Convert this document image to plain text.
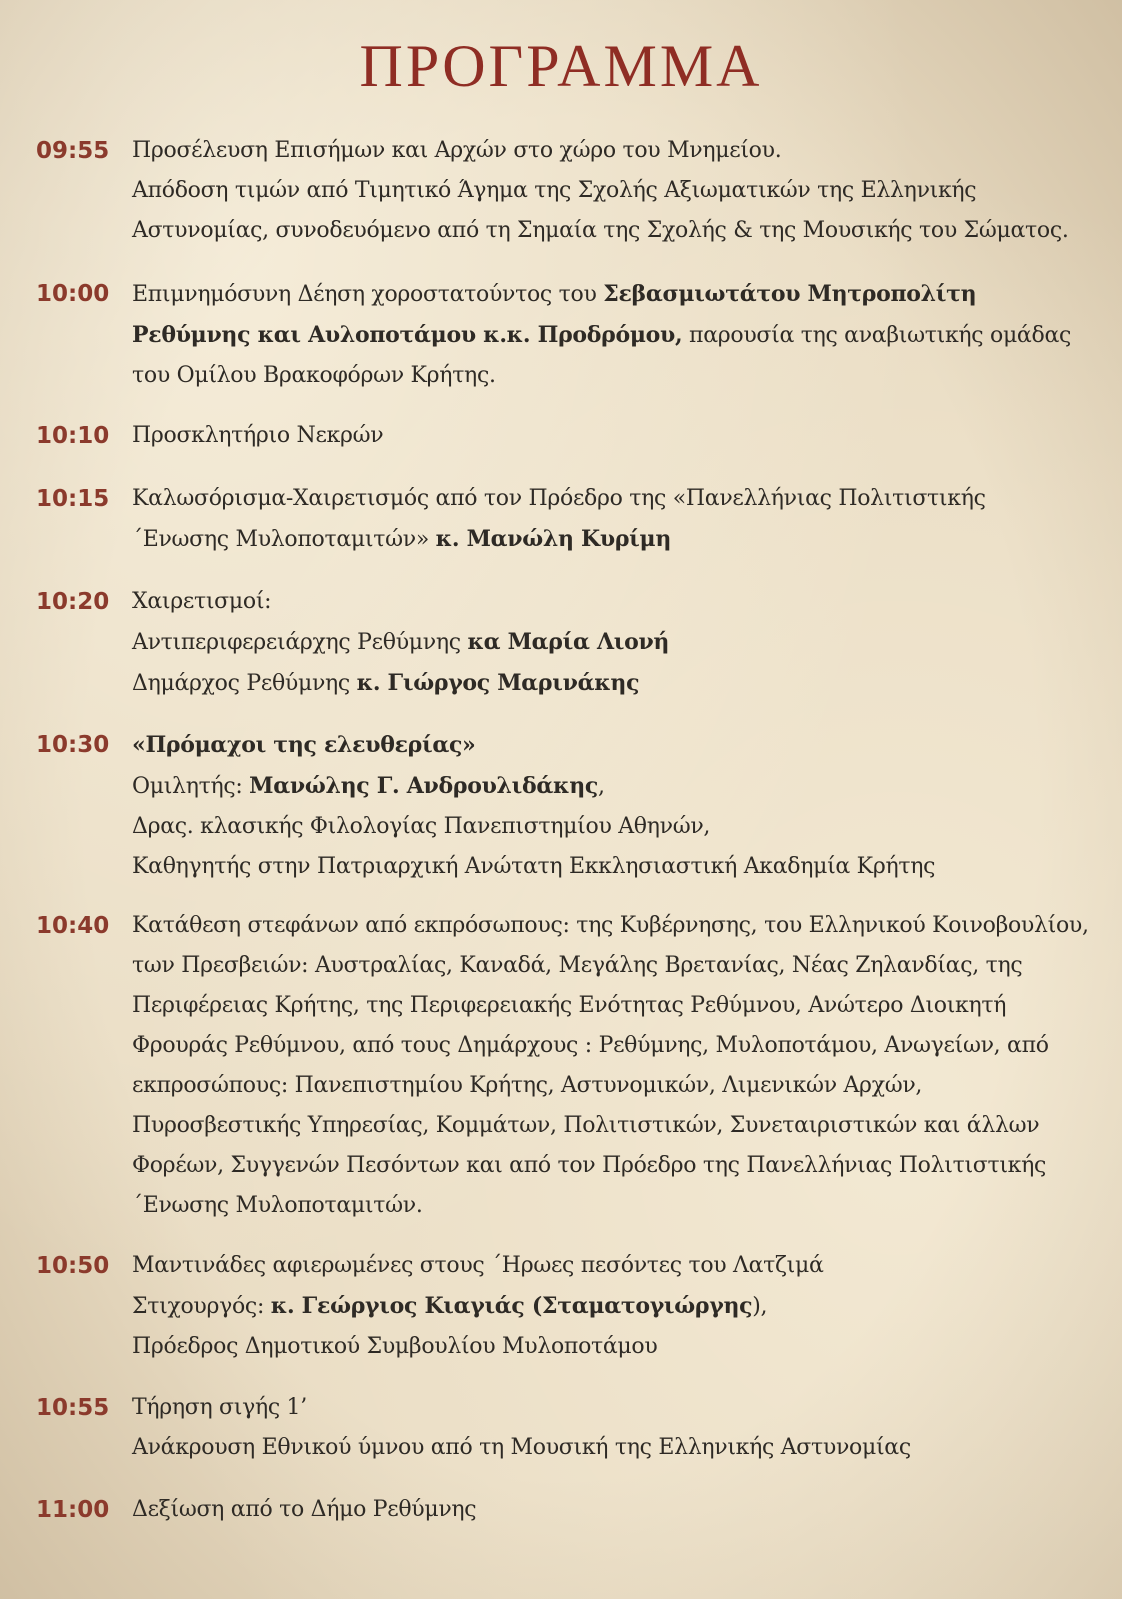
ΠΡΟΓΡΑΜΜΑ
09:55 Προσέλευση Επισήμων και Αρχών στο χώρο του Μνημείου.
Απόδοση τιμών από Τιμητικό Άγημα της Σχολής Αξιωματικών της Ελληνικής
Αστυνομίας, συνοδευόμενο από τη Σημαία της Σχολής & της Μουσικής του Σώματος.
10:00 Επιμνημόσυνη Δέηση χοροστατούντος του Σεβασμιωτάτου Μητροπολίτη
Ρεθύμνης και Αυλοποτάμου κ.κ. Προδρόμου, παρουσία της αναβιωτικής ομάδας
του Ομίλου Βρακοφόρων Κρήτης.
10:10 Προσκλητήριο Νεκρών
10:15 Καλωσόρισμα-Χαιρετισμός από τον Πρόεδρο της «Πανελλήνιας Πολιτιστικής
΄Ενωσης Μυλοποταμιτών» κ. Μανώλη Κυρίμη
10:20 Χαιρετισμοί:
Αντιπεριφερειάρχης Ρεθύμνης κα Μαρία Λιονή
Δημάρχος Ρεθύμνης κ. Γιώργος Μαρινάκης
10:30 «Πρόμαχοι της ελευθερίας»
Ομιλητής: Μανώλης Γ. Ανδρουλιδάκης,
Δρας. κλασικής Φιλολογίας Πανεπιστημίου Αθηνών,
Καθηγητής στην Πατριαρχική Ανώτατη Εκκλησιαστική Ακαδημία Κρήτης
10:40 Κατάθεση στεφάνων από εκπρόσωπους: της Κυβέρνησης, του Ελληνικού Κοινοβουλίου,
των Πρεσβειών: Αυστραλίας, Καναδά, Μεγάλης Βρετανίας, Νέας Ζηλανδίας, της
Περιφέρειας Κρήτης, της Περιφερειακής Ενότητας Ρεθύμνου, Ανώτερο Διοικητή
Φρουράς Ρεθύμνου, από τους Δημάρχους : Ρεθύμνης, Μυλοποτάμου, Ανωγείων, από
εκπροσώπους: Πανεπιστημίου Κρήτης, Αστυνομικών, Λιμενικών Αρχών,
Πυροσβεστικής Υπηρεσίας, Κομμάτων, Πολιτιστικών, Συνεταιριστικών και άλλων
Φορέων, Συγγενών Πεσόντων και από τον Πρόεδρο της Πανελλήνιας Πολιτιστικής
΄Ενωσης Μυλοποταμιτών.
10:50 Μαντινάδες αφιερωμένες στους ΄Ηρωες πεσόντες του Λατζιμά
Στιχουργός: κ. Γεώργιος Κιαγιάς (Σταματογιώργης),
Πρόεδρος Δημοτικού Συμβουλίου Μυλοποτάμου
10:55 Τήρηση σιγής 1’
Ανάκρουση Εθνικού ύμνου από τη Μουσική της Ελληνικής Αστυνομίας
11:00 Δεξίωση από το Δήμο Ρεθύμνης
